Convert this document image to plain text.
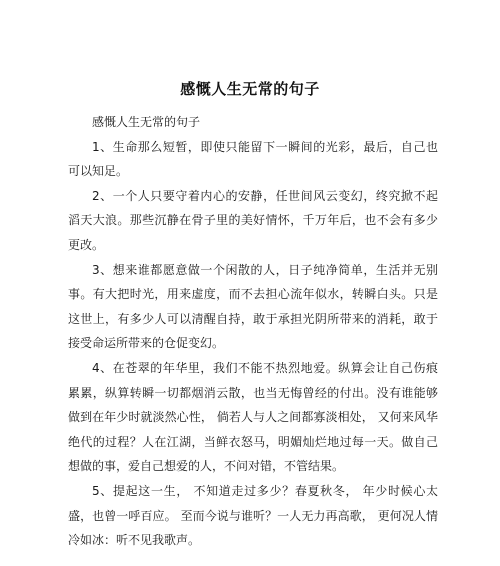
感慨人生无常的句子

感慨人生无常的句子

1、生命那么短暂，即使只能留下一瞬间的光彩，最后，自己也 可以知足。

2、一个人只要守着内心的安静，任世间风云变幻，终究掀不起 滔天大浪。那些沉静在骨子里的美好情怀，千万年后，也不会有多少 更改。

3、想来谁都愿意做一个闲散的人，日子纯净简单，生活并无别 事。有大把时光，用来虚度，而不去担心流年似水，转瞬白头。只是 这世上，有多少人可以清醒自持，敢于承担光阴所带来的消耗，敢于 接受命运所带来的仓促变幻。

4、在苍翠的年华里，我们不能不热烈地爱。纵算会让自己伤痕 累累，纵算转瞬一切都烟消云散，也当无悔曾经的付出。没有谁能够 做到在年少时就淡然心性， 倘若人与人之间都寡淡相处， 又何来风华 绝代的过程？人在江湖，当鲜衣怒马，明媚灿烂地过每一天。做自己 想做的事，爱自己想爱的人，不问对错，不管结果。

5、提起这一生， 不知道走过多少？春夏秋冬， 年少时候心太盛，也曾一呼百应。 至而今说与谁听？一人无力再高歌， 更何况人情冷如冰：听不见我歌声。
